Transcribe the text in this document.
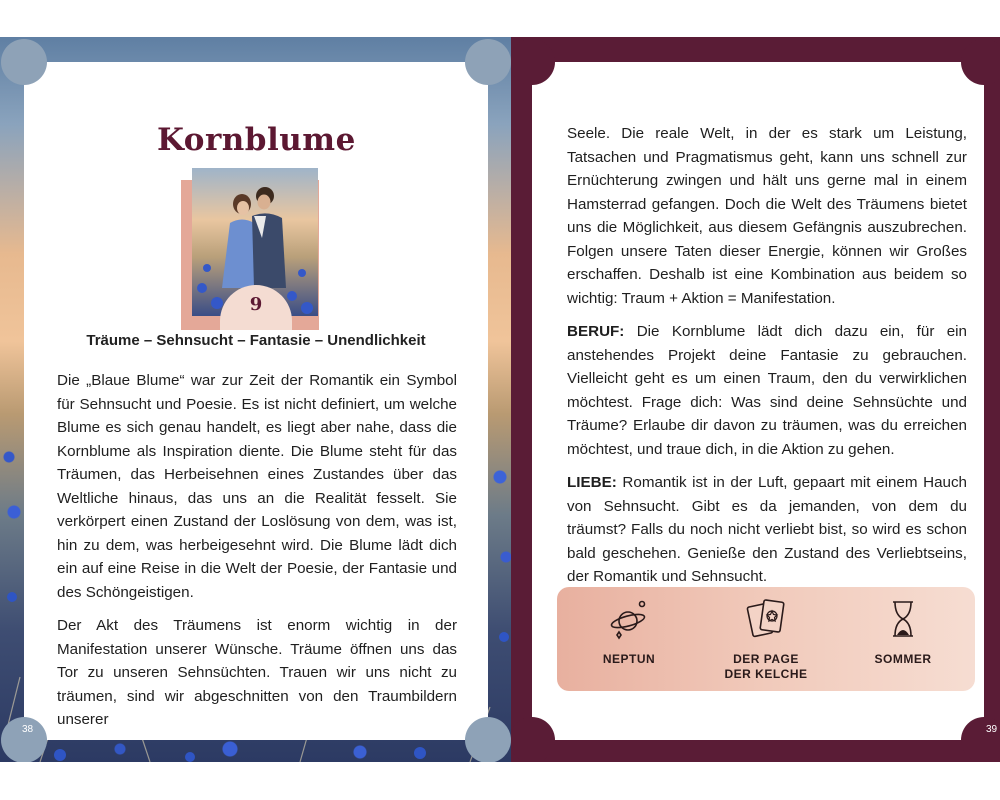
Kornblume
9
Träume – Sehnsucht – Fantasie – Unendlichkeit

Die „Blaue Blume“ war zur Zeit der Romantik ein Symbol für Sehnsucht und Poesie. Es ist nicht definiert, um welche Blume es sich genau handelt, es liegt aber nahe, dass die Kornblume als Inspiration diente. Die Blume steht für das Träumen, das Herbeisehnen eines Zustandes über das Weltliche hinaus, das uns an die Realität fesselt. Sie verkörpert einen Zustand der Loslösung von dem, was ist, hin zu dem, was herbeigesehnt wird. Die Blume lädt dich ein auf eine Reise in die Welt der Poesie, der Fantasie und des Schöngeistigen.

Der Akt des Träumens ist enorm wichtig in der Manifestation unserer Wünsche. Träume öffnen uns das Tor zu unseren Sehnsüchten. Trauen wir uns nicht zu träumen, sind wir abgeschnitten von den Traumbildern unserer

38

Seele. Die reale Welt, in der es stark um Leistung, Tatsachen und Pragmatismus geht, kann uns schnell zur Ernüchterung zwingen und hält uns gerne mal in einem Hamsterrad gefangen. Doch die Welt des Träumens bietet uns die Möglichkeit, aus diesem Gefängnis auszubrechen. Folgen unsere Taten dieser Energie, können wir Großes erschaffen. Deshalb ist eine Kombination aus beidem so wichtig: Traum + Aktion = Manifestation.

BERUF: Die Kornblume lädt dich dazu ein, für ein anstehendes Projekt deine Fantasie zu gebrauchen. Vielleicht geht es um einen Traum, den du verwirklichen möchtest. Frage dich: Was sind deine Sehnsüchte und Träume? Erlaube dir davon zu träumen, was du erreichen möchtest, und traue dich, in die Aktion zu gehen.

LIEBE: Romantik ist in der Luft, gepaart mit einem Hauch von Sehnsucht. Gibt es da jemanden, von dem du träumst? Falls du noch nicht verliebt bist, so wird es schon bald geschehen. Genieße den Zustand des Verliebtseins, der Romantik und Sehnsucht.

NEPTUN	DER PAGE
DER KELCHE
SOMMER
39
